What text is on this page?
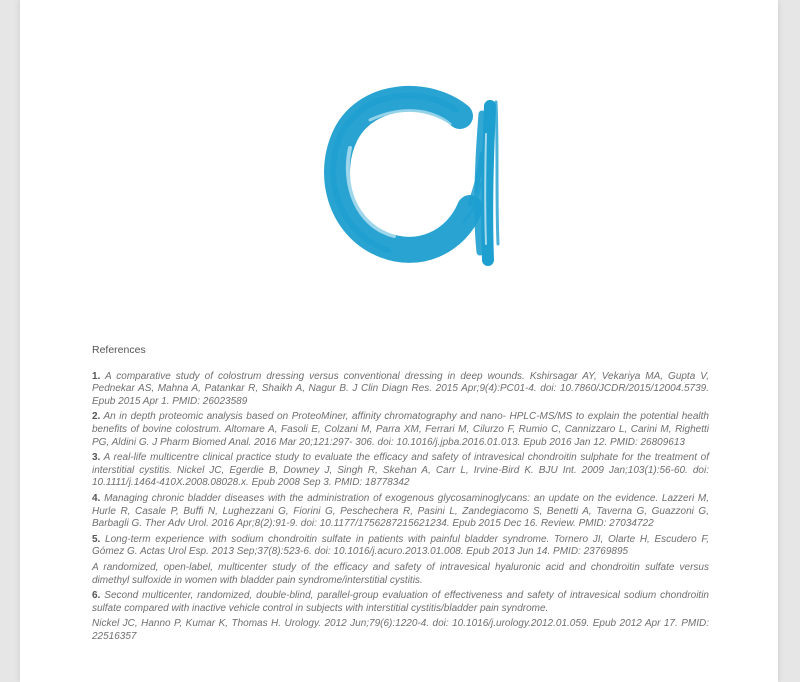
References

1. A comparative study of colostrum dressing versus conventional dressing in deep wounds. Kshirsagar AY, Vekariya MA, Gupta V, Pednekar AS, Mahna A, Patankar R, Shaikh A, Nagur B. J Clin Diagn Res. 2015 Apr;9(4):PC01-4. doi: 10.7860/JCDR/2015/12004.5739. Epub 2015 Apr 1. PMID: 26023589

2. An in depth proteomic analysis based on ProteoMiner, affinity chromatography and nano- HPLC-MS/MS to explain the potential health benefits of bovine colostrum. Altomare A, Fasoli E, Colzani M, Parra XM, Ferrari M, Cilurzo F, Rumio C, Cannizzaro L, Carini M, Righetti PG, Aldini G. J Pharm Biomed Anal. 2016 Mar 20;121:297- 306. doi: 10.1016/j.jpba.2016.01.013. Epub 2016 Jan 12. PMID: 26809613

3. A real-life multicentre clinical practice study to evaluate the efficacy and safety of intravesical chondroitin sulphate for the treatment of interstitial cystitis. Nickel JC, Egerdie B, Downey J, Singh R, Skehan A, Carr L, Irvine-Bird K. BJU Int. 2009 Jan;103(1):56-60. doi: 10.1111/j.1464-410X.2008.08028.x. Epub 2008 Sep 3. PMID: 18778342

4. Managing chronic bladder diseases with the administration of exogenous glycosaminoglycans: an update on the evidence. Lazzeri M, Hurle R, Casale P, Buffi N, Lughezzani G, Fiorini G, Peschechera R, Pasini L, Zandegiacomo S, Benetti A, Taverna G, Guazzoni G, Barbagli G. Ther Adv Urol. 2016 Apr;8(2):91-9. doi: 10.1177/1756287215621234. Epub 2015 Dec 16. Review. PMID: 27034722

5. Long-term experience with sodium chondroitin sulfate in patients with painful bladder syndrome. Tornero JI, Olarte H, Escudero F, Gómez G. Actas Urol Esp. 2013 Sep;37(8):523-6. doi: 10.1016/j.acuro.2013.01.008. Epub 2013 Jun 14. PMID: 23769895

A randomized, open-label, multicenter study of the efficacy and safety of intravesical hyaluronic acid and chondroitin sulfate versus dimethyl sulfoxide in women with bladder pain syndrome/interstitial cystitis.

6. Second multicenter, randomized, double-blind, parallel-group evaluation of effectiveness and safety of intravesical sodium chondroitin sulfate compared with inactive vehicle control in subjects with interstitial cystitis/bladder pain syndrome.

Nickel JC, Hanno P, Kumar K, Thomas H. Urology. 2012 Jun;79(6):1220-4. doi: 10.1016/j.urology.2012.01.059. Epub 2012 Apr 17. PMID: 22516357
